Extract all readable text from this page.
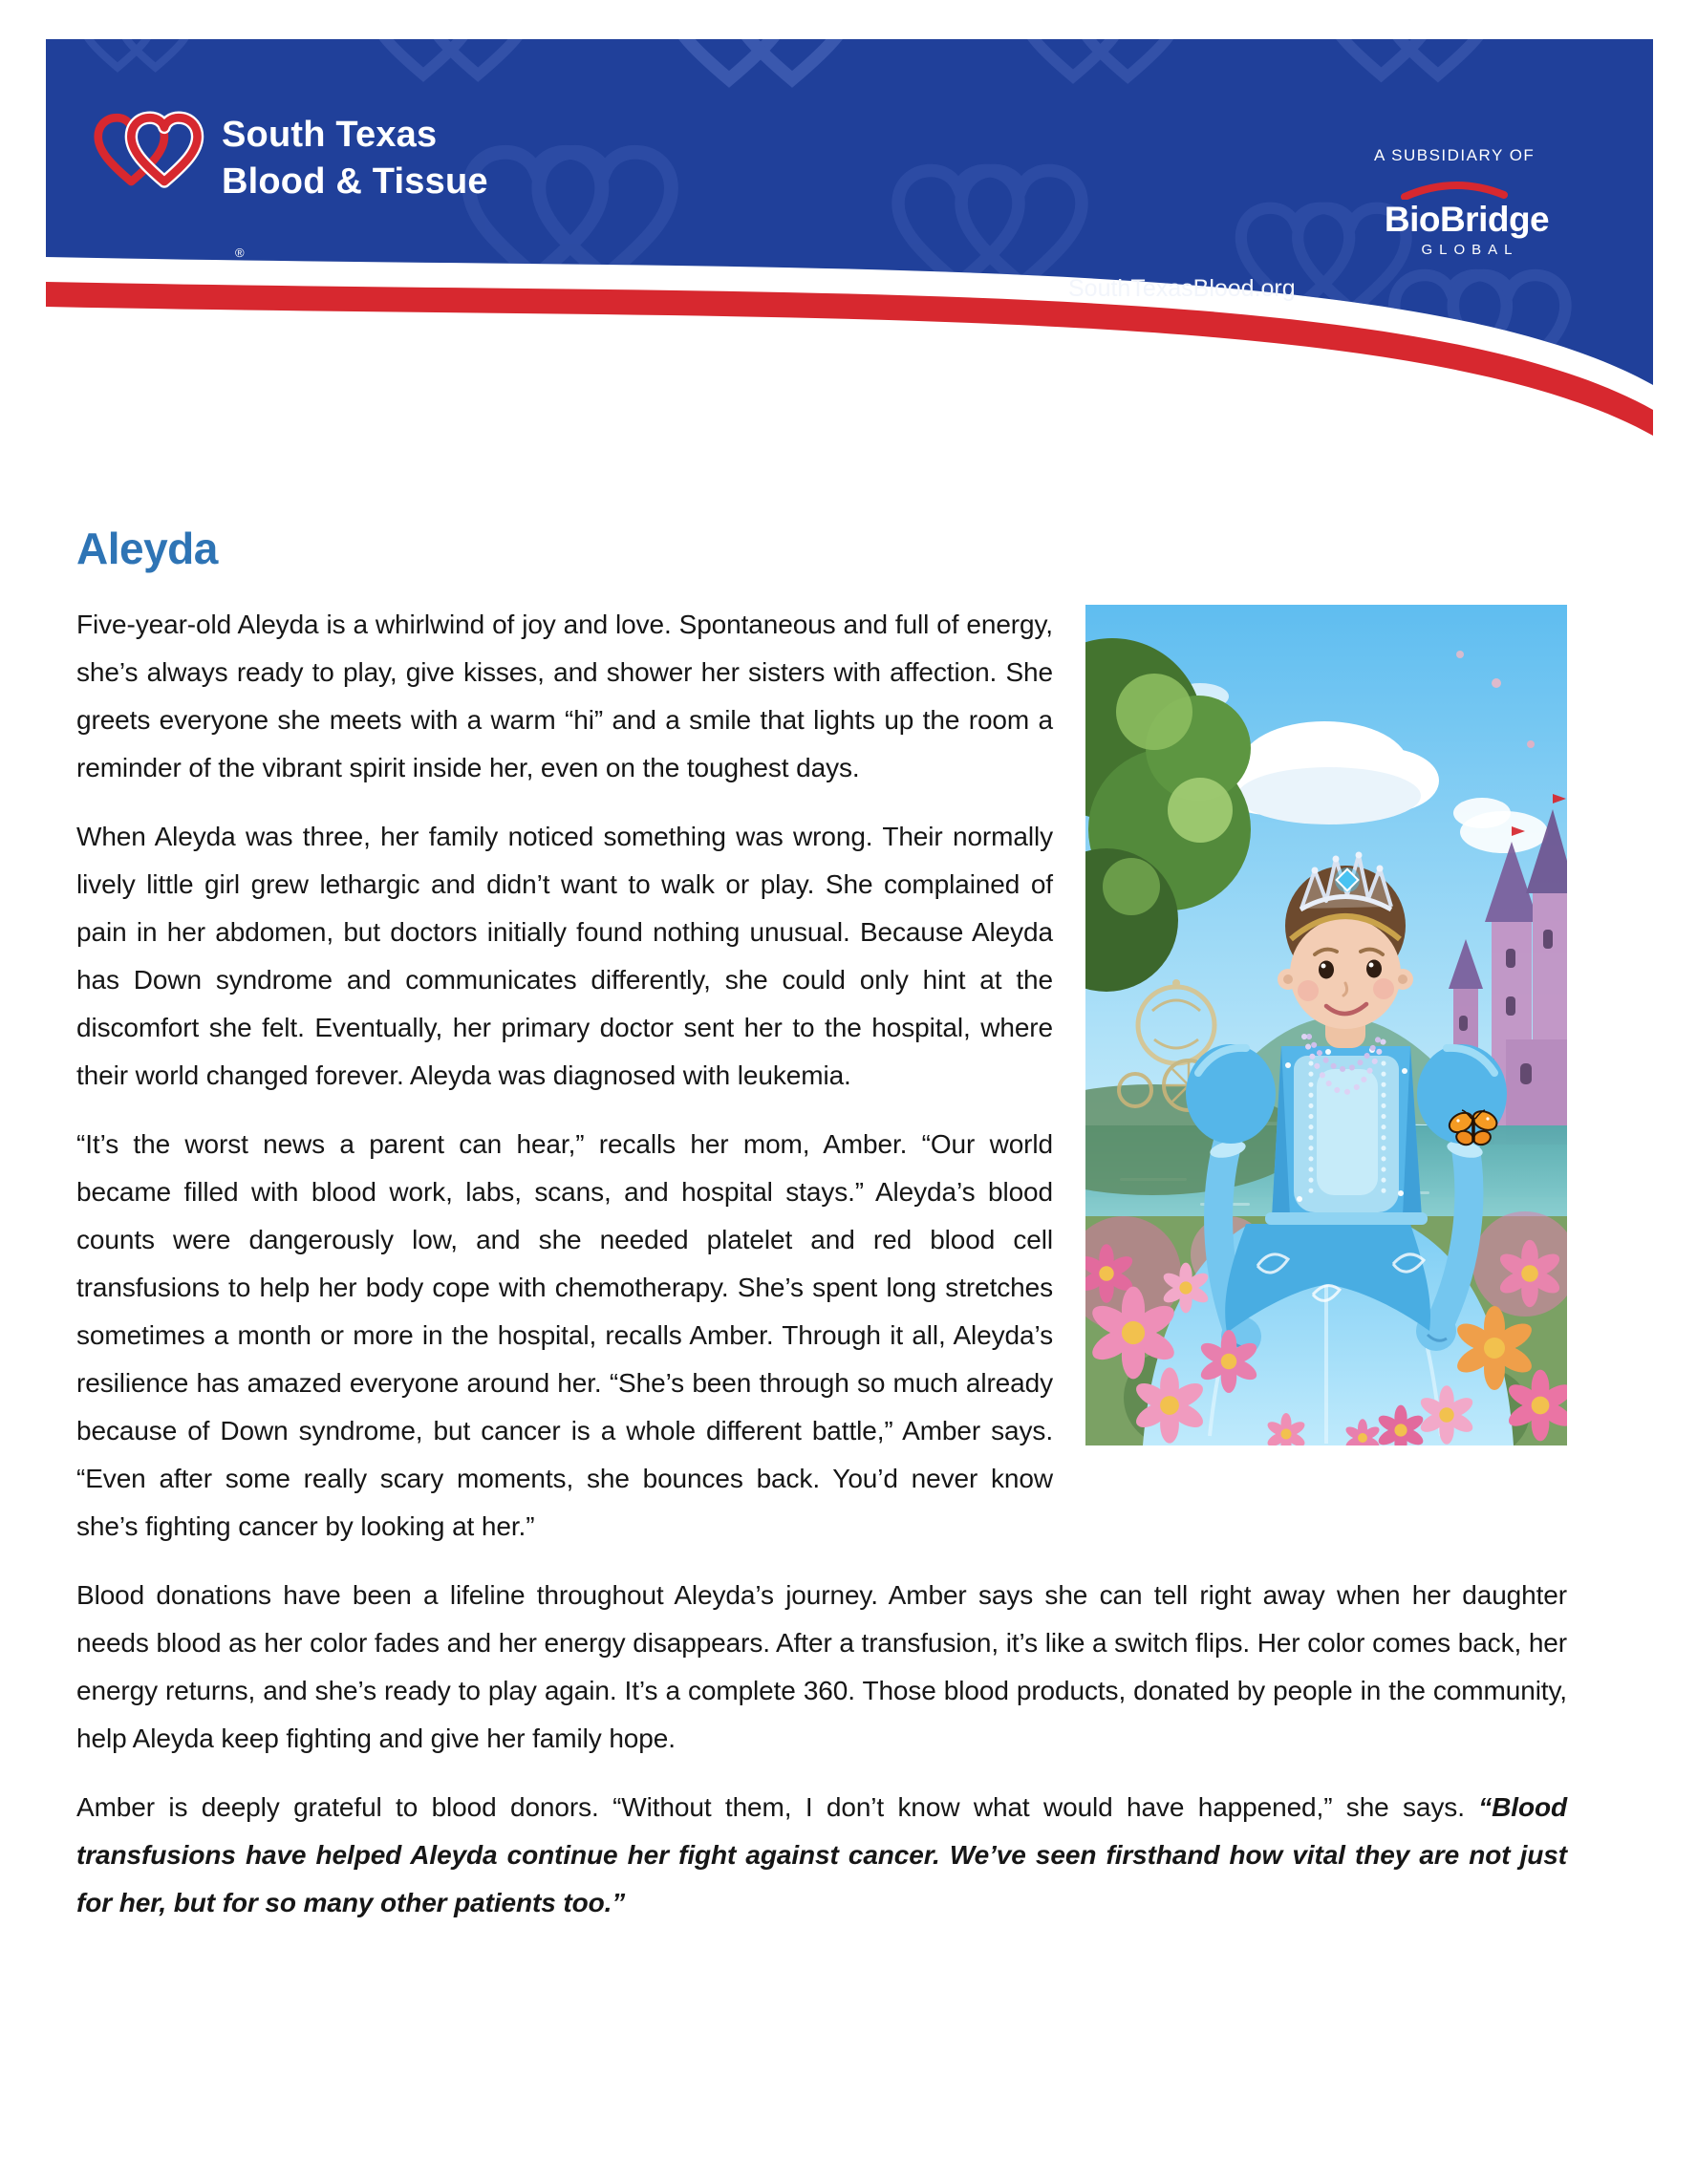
®
South Texas
Blood & Tissue
SouthTexasBlood.org
A SUBSIDIARY OF
BioBridge
GLOBAL
Aleyda

Five-year-old Aleyda is a whirlwind of joy and love. Spontaneous and full of energy, she’s always ready to play, give kisses, and shower her sisters with affection. She greets everyone she meets with a warm “hi” and a smile that lights up the room a reminder of the vibrant spirit inside her, even on the toughest days.

When Aleyda was three, her family noticed something was wrong. Their normally lively little girl grew lethargic and didn’t want to walk or play. She complained of pain in her abdomen, but doctors initially found nothing unusual. Because Aleyda has Down syndrome and communicates differently, she could only hint at the discomfort she felt. Eventually, her primary doctor sent her to the hospital, where their world changed forever. Aleyda was diagnosed with leukemia.

“It’s the worst news a parent can hear,” recalls her mom, Amber. “Our world became filled with blood work, labs, scans, and hospital stays.” Aleyda’s blood counts were dangerously low, and she needed platelet and red blood cell transfusions to help her body cope with chemotherapy. She’s spent long stretches sometimes a month or more in the hospital, recalls Amber. Through it all, Aleyda’s resilience has amazed everyone around her. “She’s been through so much already because of Down syndrome, but cancer is a whole different battle,” Amber says. “Even after some really scary moments, she bounces back. You’d never know she’s fighting cancer by looking at her.”

Blood donations have been a lifeline throughout Aleyda’s journey. Amber says she can tell right away when her daughter needs blood as her color fades and her energy disappears. After a transfusion, it’s like a switch flips. Her color comes back, her energy returns, and she’s ready to play again. It’s a complete 360. Those blood products, donated by people in the community, help Aleyda keep fighting and give her family hope.

Amber is deeply grateful to blood donors. “Without them, I don’t know what would have happened,” she says. “Blood transfusions have helped Aleyda continue her fight against cancer. We’ve seen firsthand how vital they are not just for her, but for so many other patients too.”
